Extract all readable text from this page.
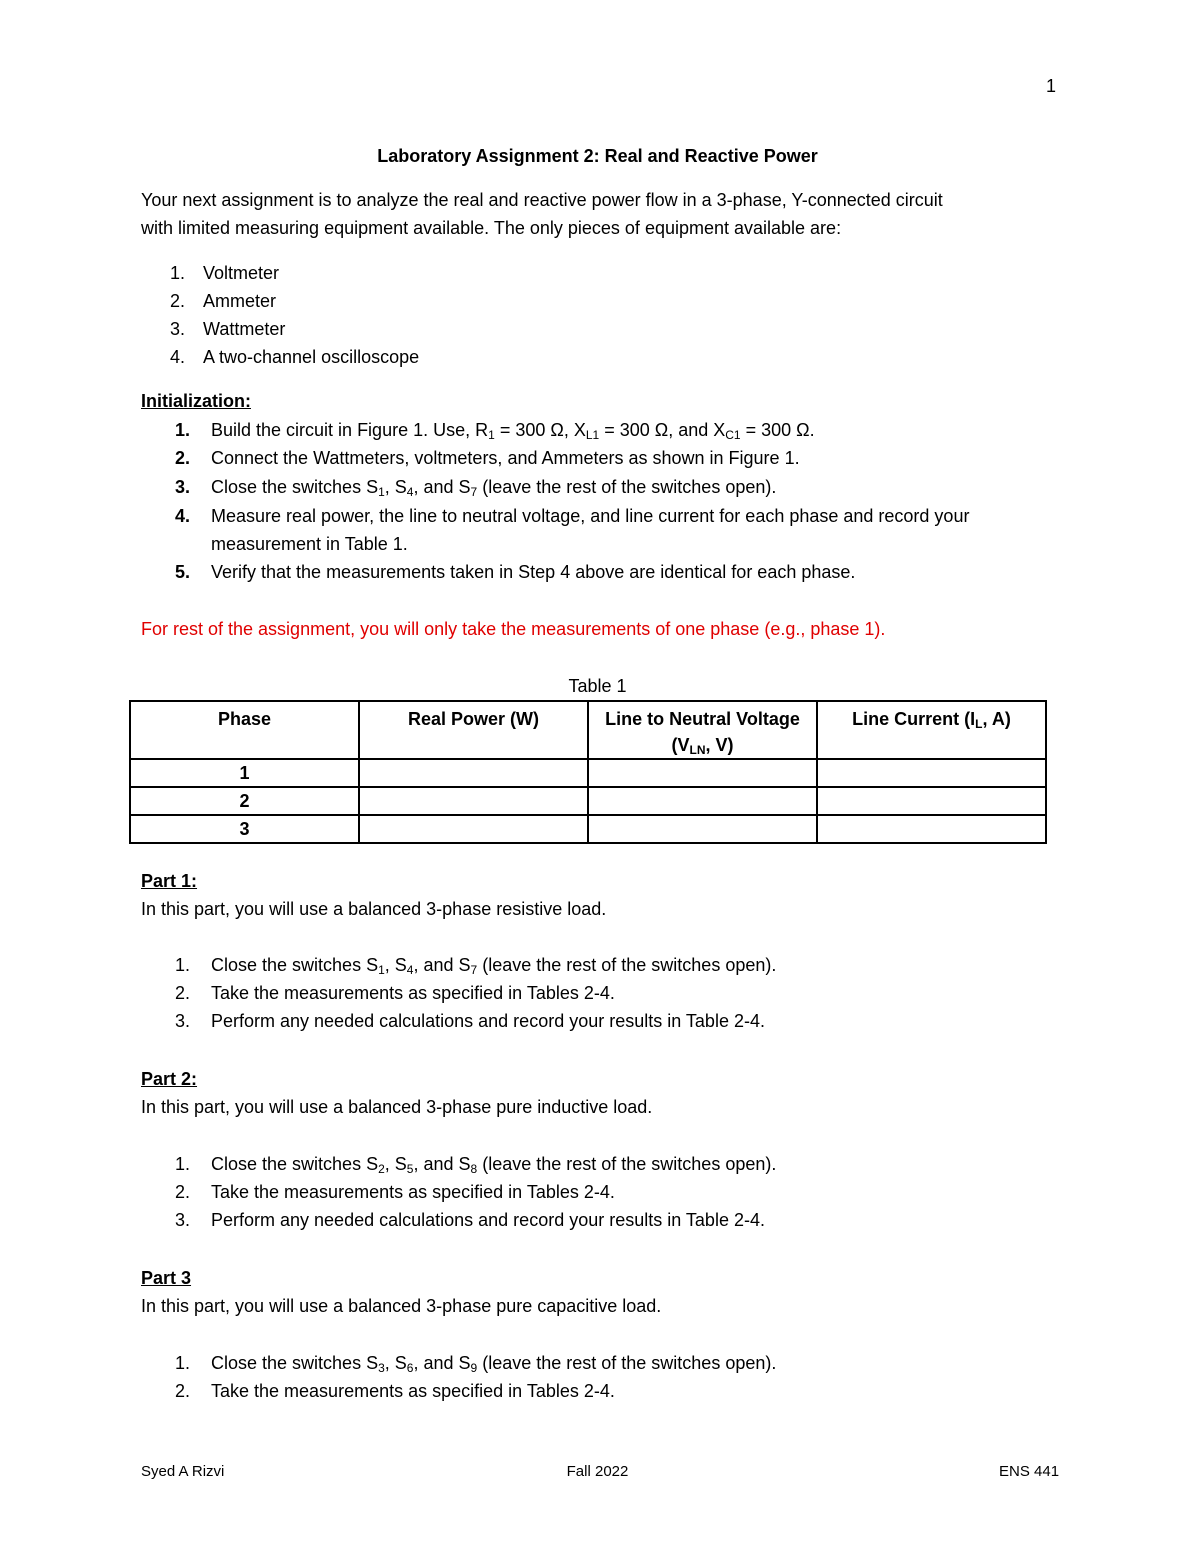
1
Laboratory Assignment 2: Real and Reactive Power
Your next assignment is to analyze the real and reactive power flow in a 3-phase, Y-connected circuit
with limited measuring equipment available. The only pieces of equipment available are:
1. Voltmeter
2. Ammeter
3. Wattmeter
4. A two-channel oscilloscope
Initialization:
1. Build the circuit in Figure 1. Use, $R_1 = 300$ Ω, $X_{L1} = 300$ Ω, and $X_{C1} = 300$ Ω.
2. Connect the Wattmeters, voltmeters, and Ammeters as shown in Figure 1.
3. Close the switches $S_1$, $S_4$, and $S_7$ (leave the rest of the switches open).
4. Measure real power, the line to neutral voltage, and line current for each phase and record your
measurement in Table 1.
5. Verify that the measurements taken in Step 4 above are identical for each phase.
For rest of the assignment, you will only take the measurements of one phase (e.g., phase 1).
Table 1
Phase	Real Power (W)	Line to Neutral Voltage
($V_{LN}$, V)	Line Current ($I_L$, A)
1			
2			
3			
Part 1:
In this part, you will use a balanced 3-phase resistive load.
1. Close the switches $S_1$, $S_4$, and $S_7$ (leave the rest of the switches open).
2. Take the measurements as specified in Tables 2-4.
3. Perform any needed calculations and record your results in Table 2-4.
Part 2:
In this part, you will use a balanced 3-phase pure inductive load.
1. Close the switches $S_2$, $S_5$, and $S_8$ (leave the rest of the switches open).
2. Take the measurements as specified in Tables 2-4.
3. Perform any needed calculations and record your results in Table 2-4.
Part 3
In this part, you will use a balanced 3-phase pure capacitive load.
1. Close the switches $S_3$, $S_6$, and $S_9$ (leave the rest of the switches open).
2. Take the measurements as specified in Tables 2-4.
Syed A Rizvi	Fall 2022	ENS 441
